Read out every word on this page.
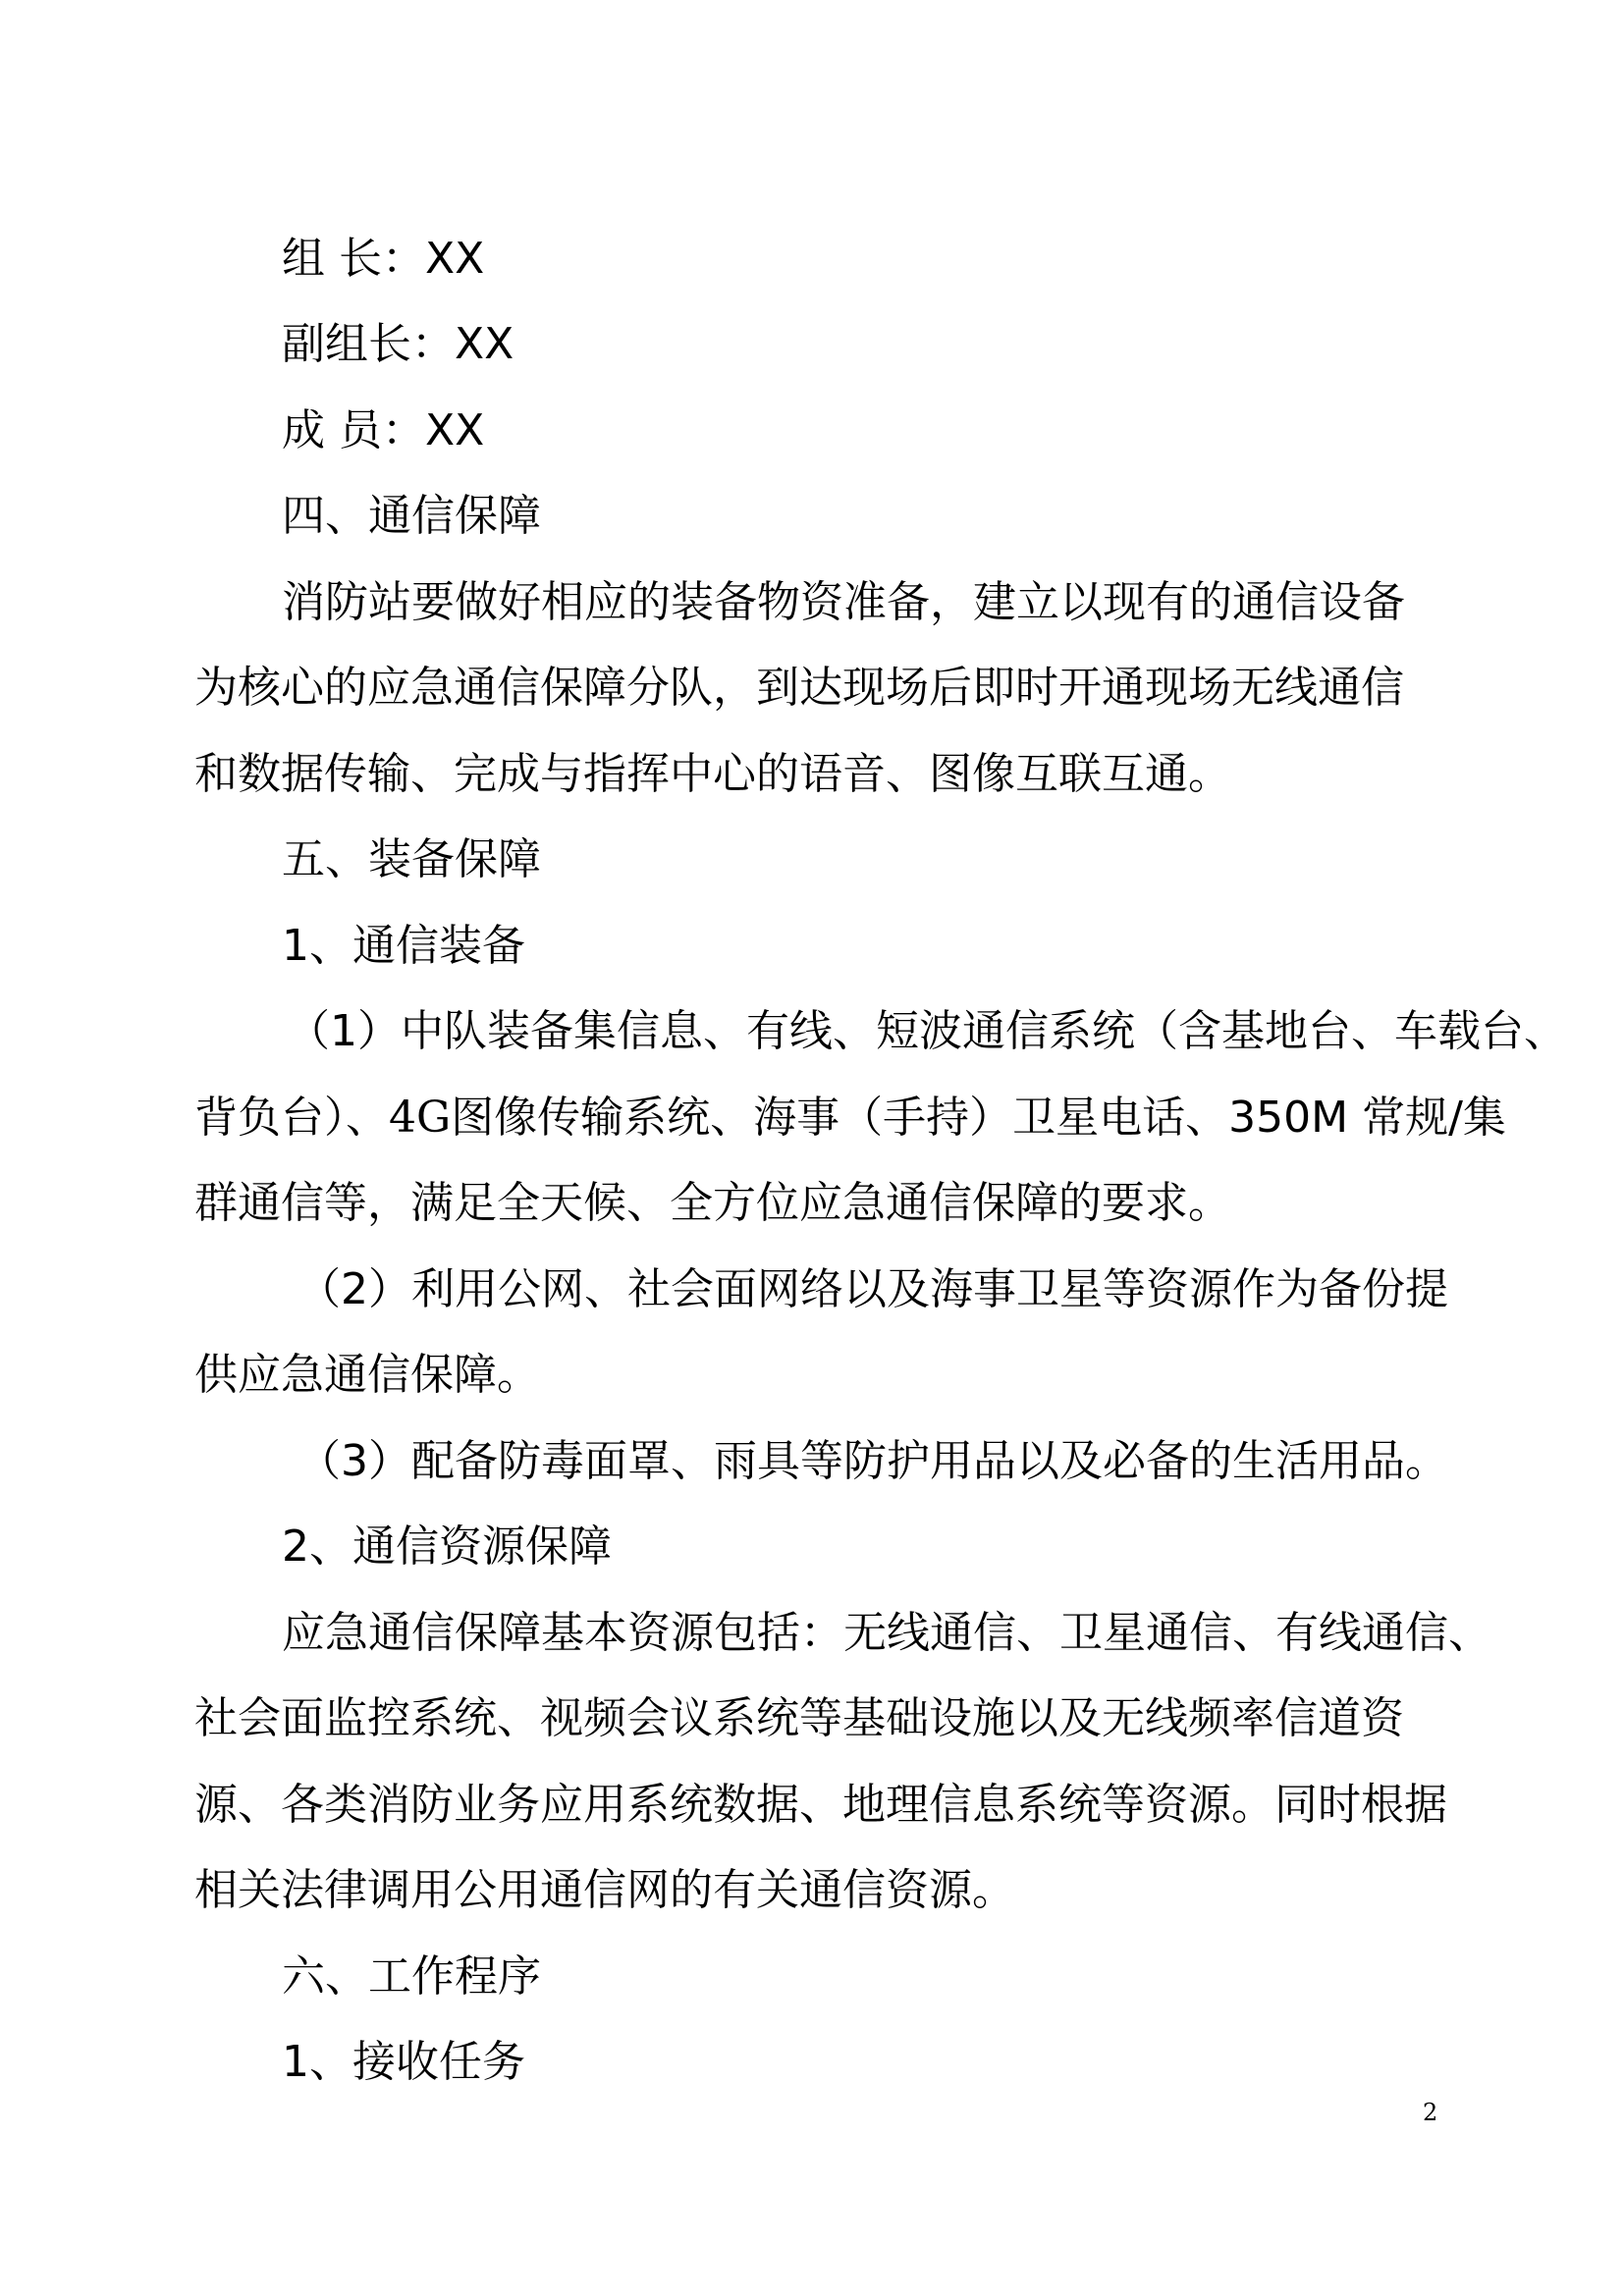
组 长：XX
副组长：XX
成 员：XX
四、通信保障
消防站要做好相应的装备物资准备，建立以现有的通信设备
为核心的应急通信保障分队，到达现场后即时开通现场无线通信
和数据传输、完成与指挥中心的语音、图像互联互通。
五、装备保障
1、通信装备
（1）中队装备集信息、有线、短波通信系统（含基地台、车载台、
背负台）、4G图像传输系统、海事（手持）卫星电话、350M 常规/集
群通信等，满足全天候、全方位应急通信保障的要求。
（2）利用公网、社会面网络以及海事卫星等资源作为备份提
供应急通信保障。
（3）配备防毒面罩、雨具等防护用品以及必备的生活用品。
2、通信资源保障
应急通信保障基本资源包括：无线通信、卫星通信、有线通信、
社会面监控系统、视频会议系统等基础设施以及无线频率信道资
源、各类消防业务应用系统数据、地理信息系统等资源。同时根据
相关法律调用公用通信网的有关通信资源。
六、工作程序
1、接收任务
2
